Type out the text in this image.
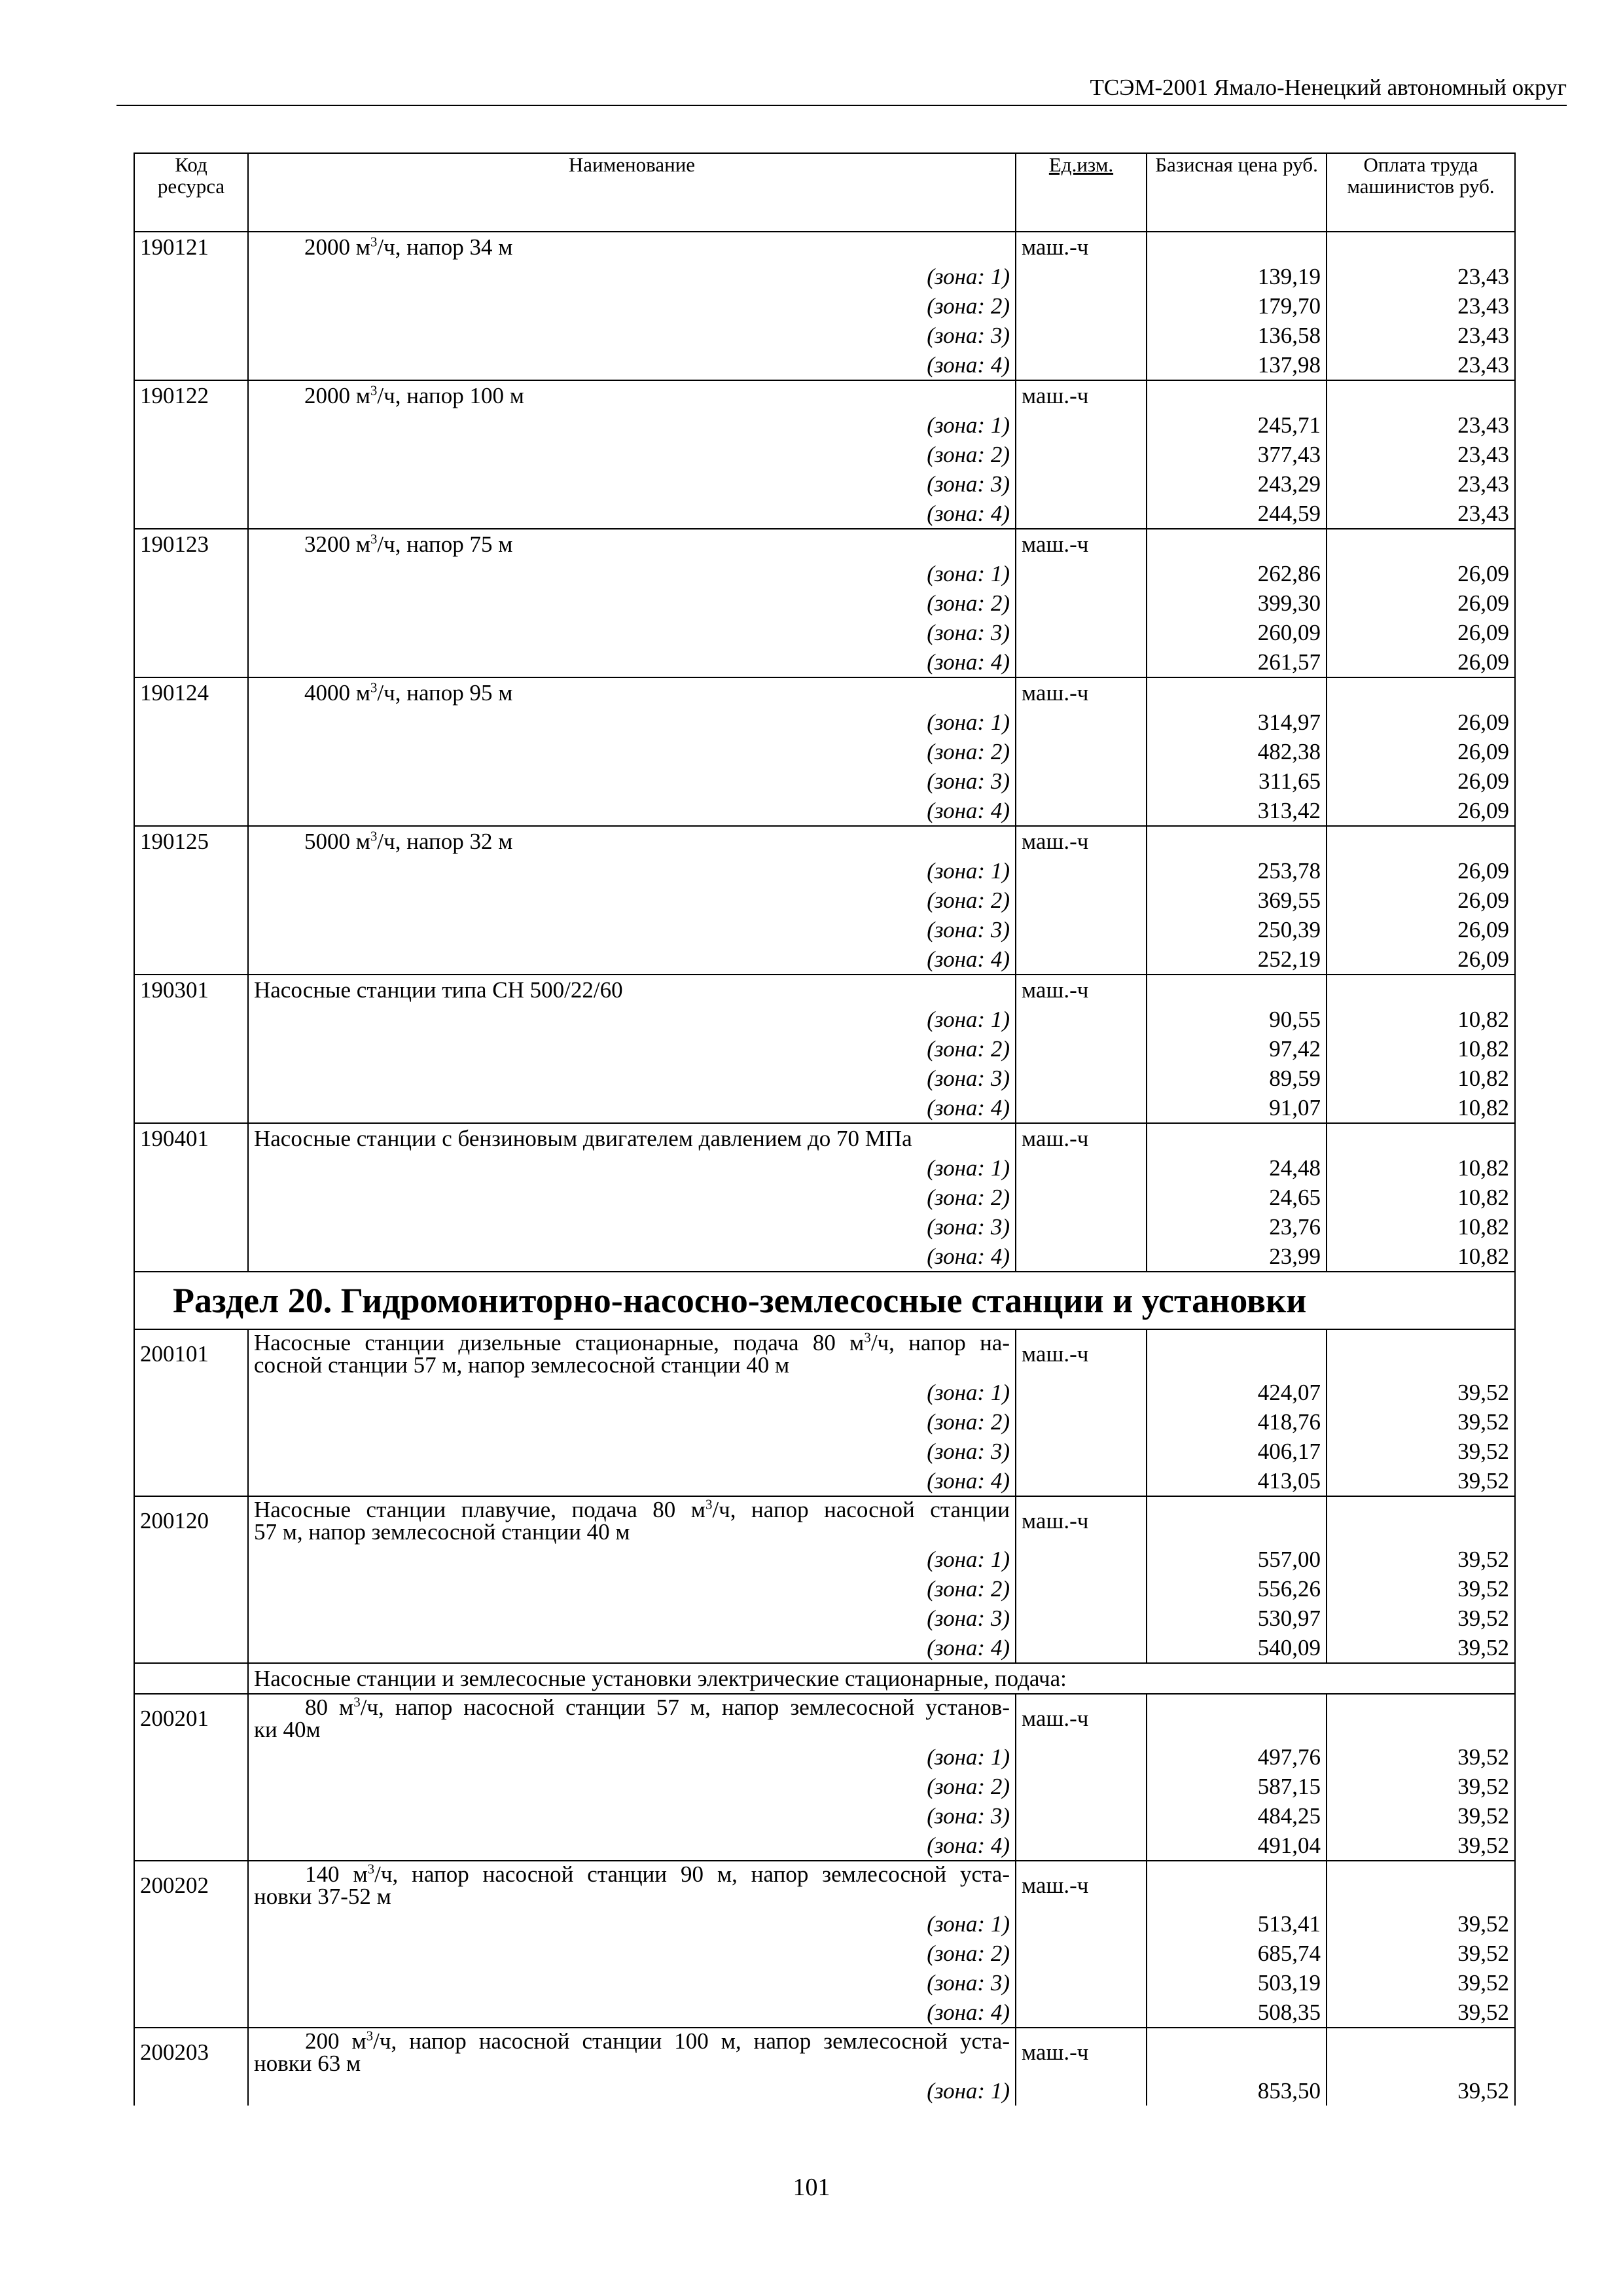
ТСЭМ-2001 Ямало-Ненецкий автономный округ
Код ресурса	Наименование	Ед.изм.	Базисная цена руб.	Оплата труда машинистов руб.
190121	2000 $м^3/ч$, напор 34 м	маш.-ч		
	(зона: 1)		139,19	23,43
	(зона: 2)		179,70	23,43
	(зона: 3)		136,58	23,43
	(зона: 4)		137,98	23,43
190122	2000 $м^3/ч$, напор 100 м	маш.-ч		
	(зона: 1)		245,71	23,43
	(зона: 2)		377,43	23,43
	(зона: 3)		243,29	23,43
	(зона: 4)		244,59	23,43
190123	3200 $м^3/ч$, напор 75 м	маш.-ч		
	(зона: 1)		262,86	26,09
	(зона: 2)		399,30	26,09
	(зона: 3)		260,09	26,09
	(зона: 4)		261,57	26,09
190124	4000 $м^3/ч$, напор 95 м	маш.-ч		
	(зона: 1)		314,97	26,09
	(зона: 2)		482,38	26,09
	(зона: 3)		311,65	26,09
	(зона: 4)		313,42	26,09
190125	5000 $м^3/ч$, напор 32 м	маш.-ч		
	(зона: 1)		253,78	26,09
	(зона: 2)		369,55	26,09
	(зона: 3)		250,39	26,09
	(зона: 4)		252,19	26,09
190301	Насосные станции типа СН 500/22/60	маш.-ч		
	(зона: 1)		90,55	10,82
	(зона: 2)		97,42	10,82
	(зона: 3)		89,59	10,82
	(зона: 4)		91,07	10,82
190401	Насосные станции с бензиновым двигателем давлением до 70 МПа	маш.-ч		
	(зона: 1)		24,48	10,82
	(зона: 2)		24,65	10,82
	(зона: 3)		23,76	10,82
	(зона: 4)		23,99	10,82
Раздел 20. Гидромониторно-насосно-землесосные станции и установки				
200101	Насосные станции дизельные стационарные, подача 80 $м^3/ч$, напор на-
сосной станции 57 м, напор землесосной станции 40 м	маш.-ч		
	(зона: 1)		424,07	39,52
	(зона: 2)		418,76	39,52
	(зона: 3)		406,17	39,52
	(зона: 4)		413,05	39,52
200120	Насосные станции плавучие, подача 80 $м^3/ч$, напор насосной станции
57 м, напор землесосной станции 40 м	маш.-ч		
	(зона: 1)		557,00	39,52
	(зона: 2)		556,26	39,52
	(зона: 3)		530,97	39,52
	(зона: 4)		540,09	39,52
	Насосные станции и землесосные установки электрические стационарные, подача:			
200201	80 $м^3/ч$, напор насосной станции 57 м, напор землесосной установ-
ки 40м	маш.-ч		
	(зона: 1)		497,76	39,52
	(зона: 2)		587,15	39,52
	(зона: 3)		484,25	39,52
	(зона: 4)		491,04	39,52
200202	140 $м^3/ч$, напор насосной станции 90 м, напор землесосной уста-
новки 37-52 м	маш.-ч		
	(зона: 1)		513,41	39,52
	(зона: 2)		685,74	39,52
	(зона: 3)		503,19	39,52
	(зона: 4)		508,35	39,52
200203	200 $м^3/ч$, напор насосной станции 100 м, напор землесосной уста-
новки 63 м	маш.-ч		
	(зона: 1)		853,50	39,52
101
